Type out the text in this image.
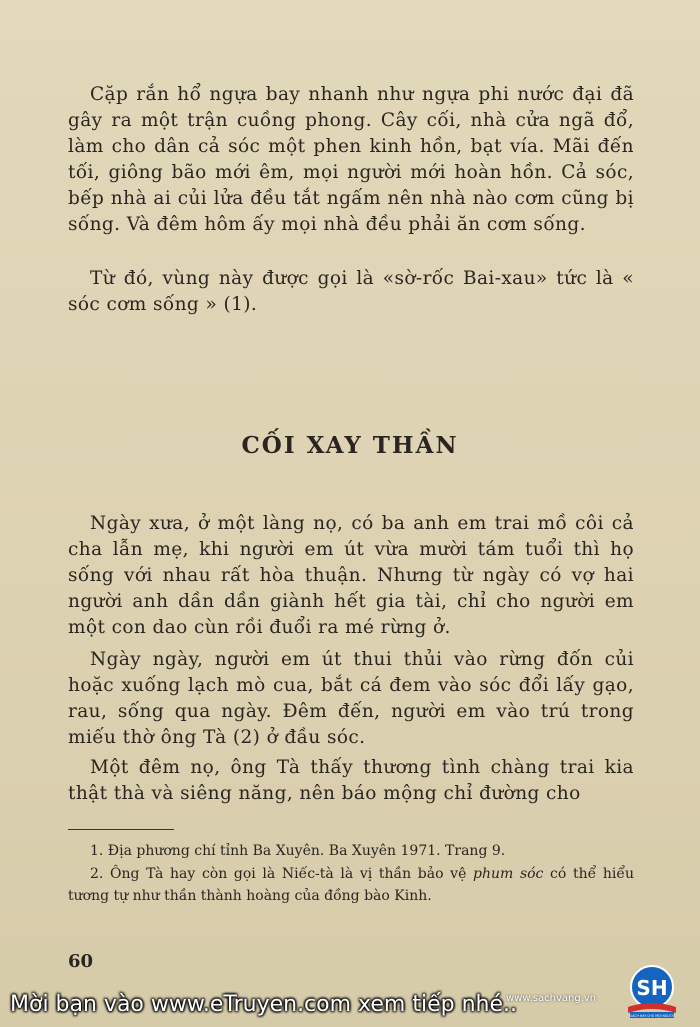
Cặp rắn hổ ngựa bay nhanh như ngựa phi nước đại đã gây ra một trận cuồng phong. Cây cối, nhà cửa ngã đổ, làm cho dân cả sóc một phen kinh hồn, bạt vía. Mãi đến tối, giông bão mới êm, mọi người mới hoàn hồn. Cả sóc, bếp nhà ai củi lửa đều tắt ngấm nên nhà nào cơm cũng bị sống. Và đêm hôm ấy mọi nhà đều phải ăn cơm sống.

Từ đó, vùng này được gọi là «sờ-rốc Bai-xau» tức là « sóc cơm sống » (1).

CỐI XAY THẦN

Ngày xưa, ở một làng nọ, có ba anh em trai mồ côi cả cha lẫn mẹ, khi người em út vừa mười tám tuổi thì họ sống với nhau rất hòa thuận. Nhưng từ ngày có vợ hai người anh dần dần giành hết gia tài, chỉ cho người em một con dao cùn rồi đuổi ra mé rừng ở.

Ngày ngày, người em út thui thủi vào rừng đốn củi hoặc xuống lạch mò cua, bắt cá đem vào sóc đổi lấy gạo, rau, sống qua ngày. Đêm đến, người em vào trú trong miếu thờ ông Tà (2) ở đầu sóc.

Một đêm nọ, ông Tà thấy thương tình chàng trai kia thật thà và siêng năng, nên báo mộng chỉ đường cho

1. Địa phương chí tỉnh Ba Xuyên. Ba Xuyên 1971. Trang 9.

2. Ông Tà hay còn gọi là Niếc-tà là vị thần bảo vệ phum sóc có thể hiểu tương tự như thần thành hoàng của đồng bào Kinh.

60
Mời bạn vào www.eTruyen.com xem tiếp nhé..
www.sachvang.vn SH
SÁCH HAY CHO MỌI NGƯỜI
